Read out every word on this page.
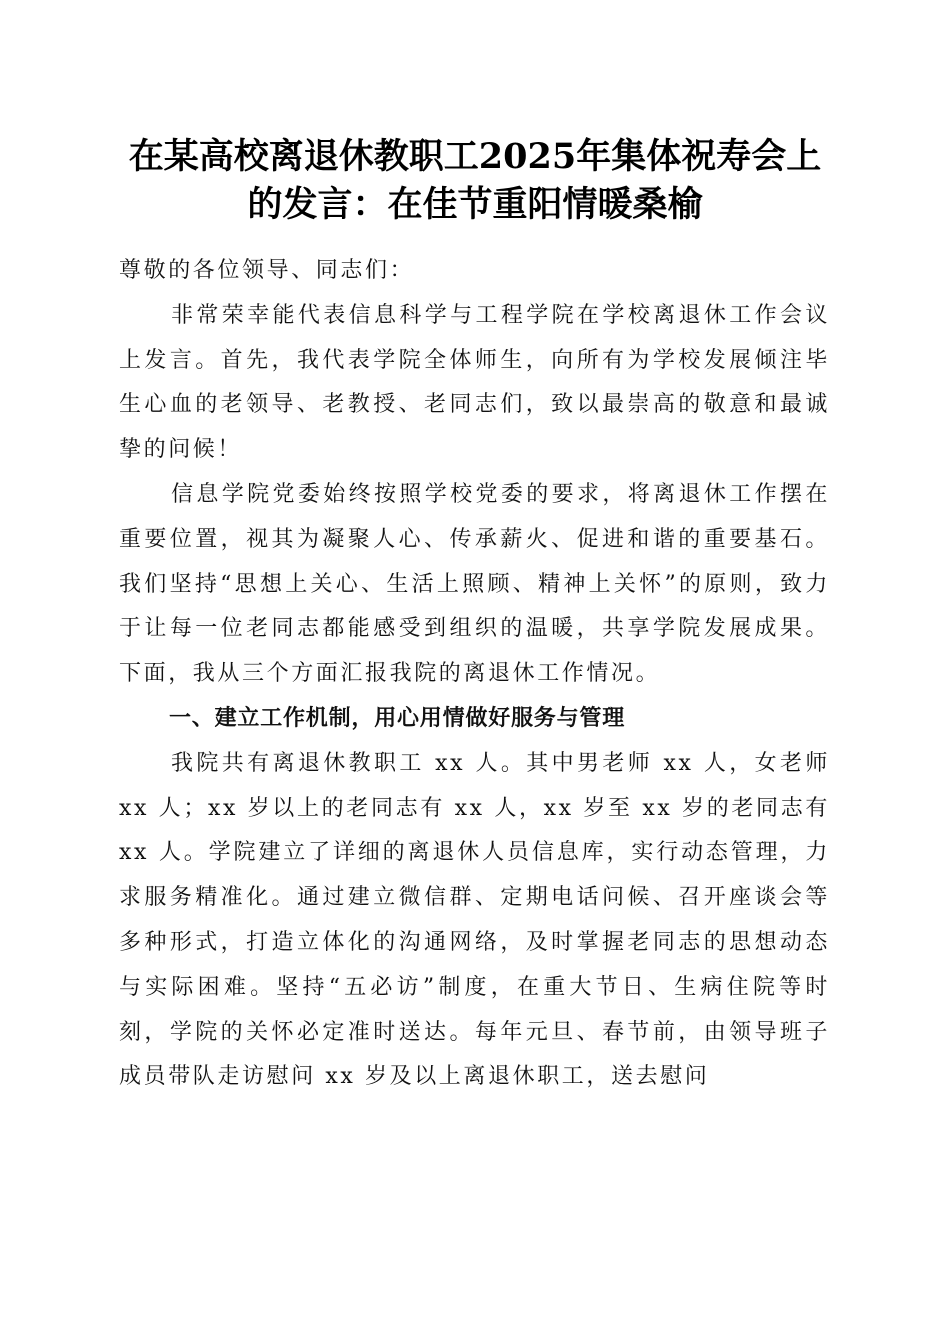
在某高校离退休教职工2025年集体祝寿会上
的发言：在佳节重阳情暖桑榆

尊敬的各位领导、同志们：

非常荣幸能代表信息科学与工程学院在学校离退休工作会议上发言。首先，我代表学院全体师生，向所有为学校发展倾注毕生心血的老领导、老教授、老同志们，致以最崇高的敬意和最诚挚的问候！

信息学院党委始终按照学校党委的要求，将离退休工作摆在重要位置，视其为凝聚人心、传承薪火、促进和谐的重要基石。我们坚持“思想上关心、生活上照顾、精神上关怀”的原则，致力于让每一位老同志都能感受到组织的温暖，共享学院发展成果。下面，我从三个方面汇报我院的离退休工作情况。

一、建立工作机制，用心用情做好服务与管理

我院共有离退休教职工 xx 人。其中男老师 xx 人，女老师 xx 人；xx 岁以上的老同志有 xx 人，xx 岁至 xx 岁的老同志有 xx 人。学院建立了详细的离退休人员信息库，实行动态管理，力求服务精准化。通过建立微信群、定期电话问候、召开座谈会等多种形式，打造立体化的沟通网络，及时掌握老同志的思想动态与实际困难。坚持“五必访”制度，在重大节日、生病住院等时刻，学院的关怀必定准时送达。每年元旦、春节前，由领导班子成员带队走访慰问 xx 岁及以上离退休职工，送去慰问
